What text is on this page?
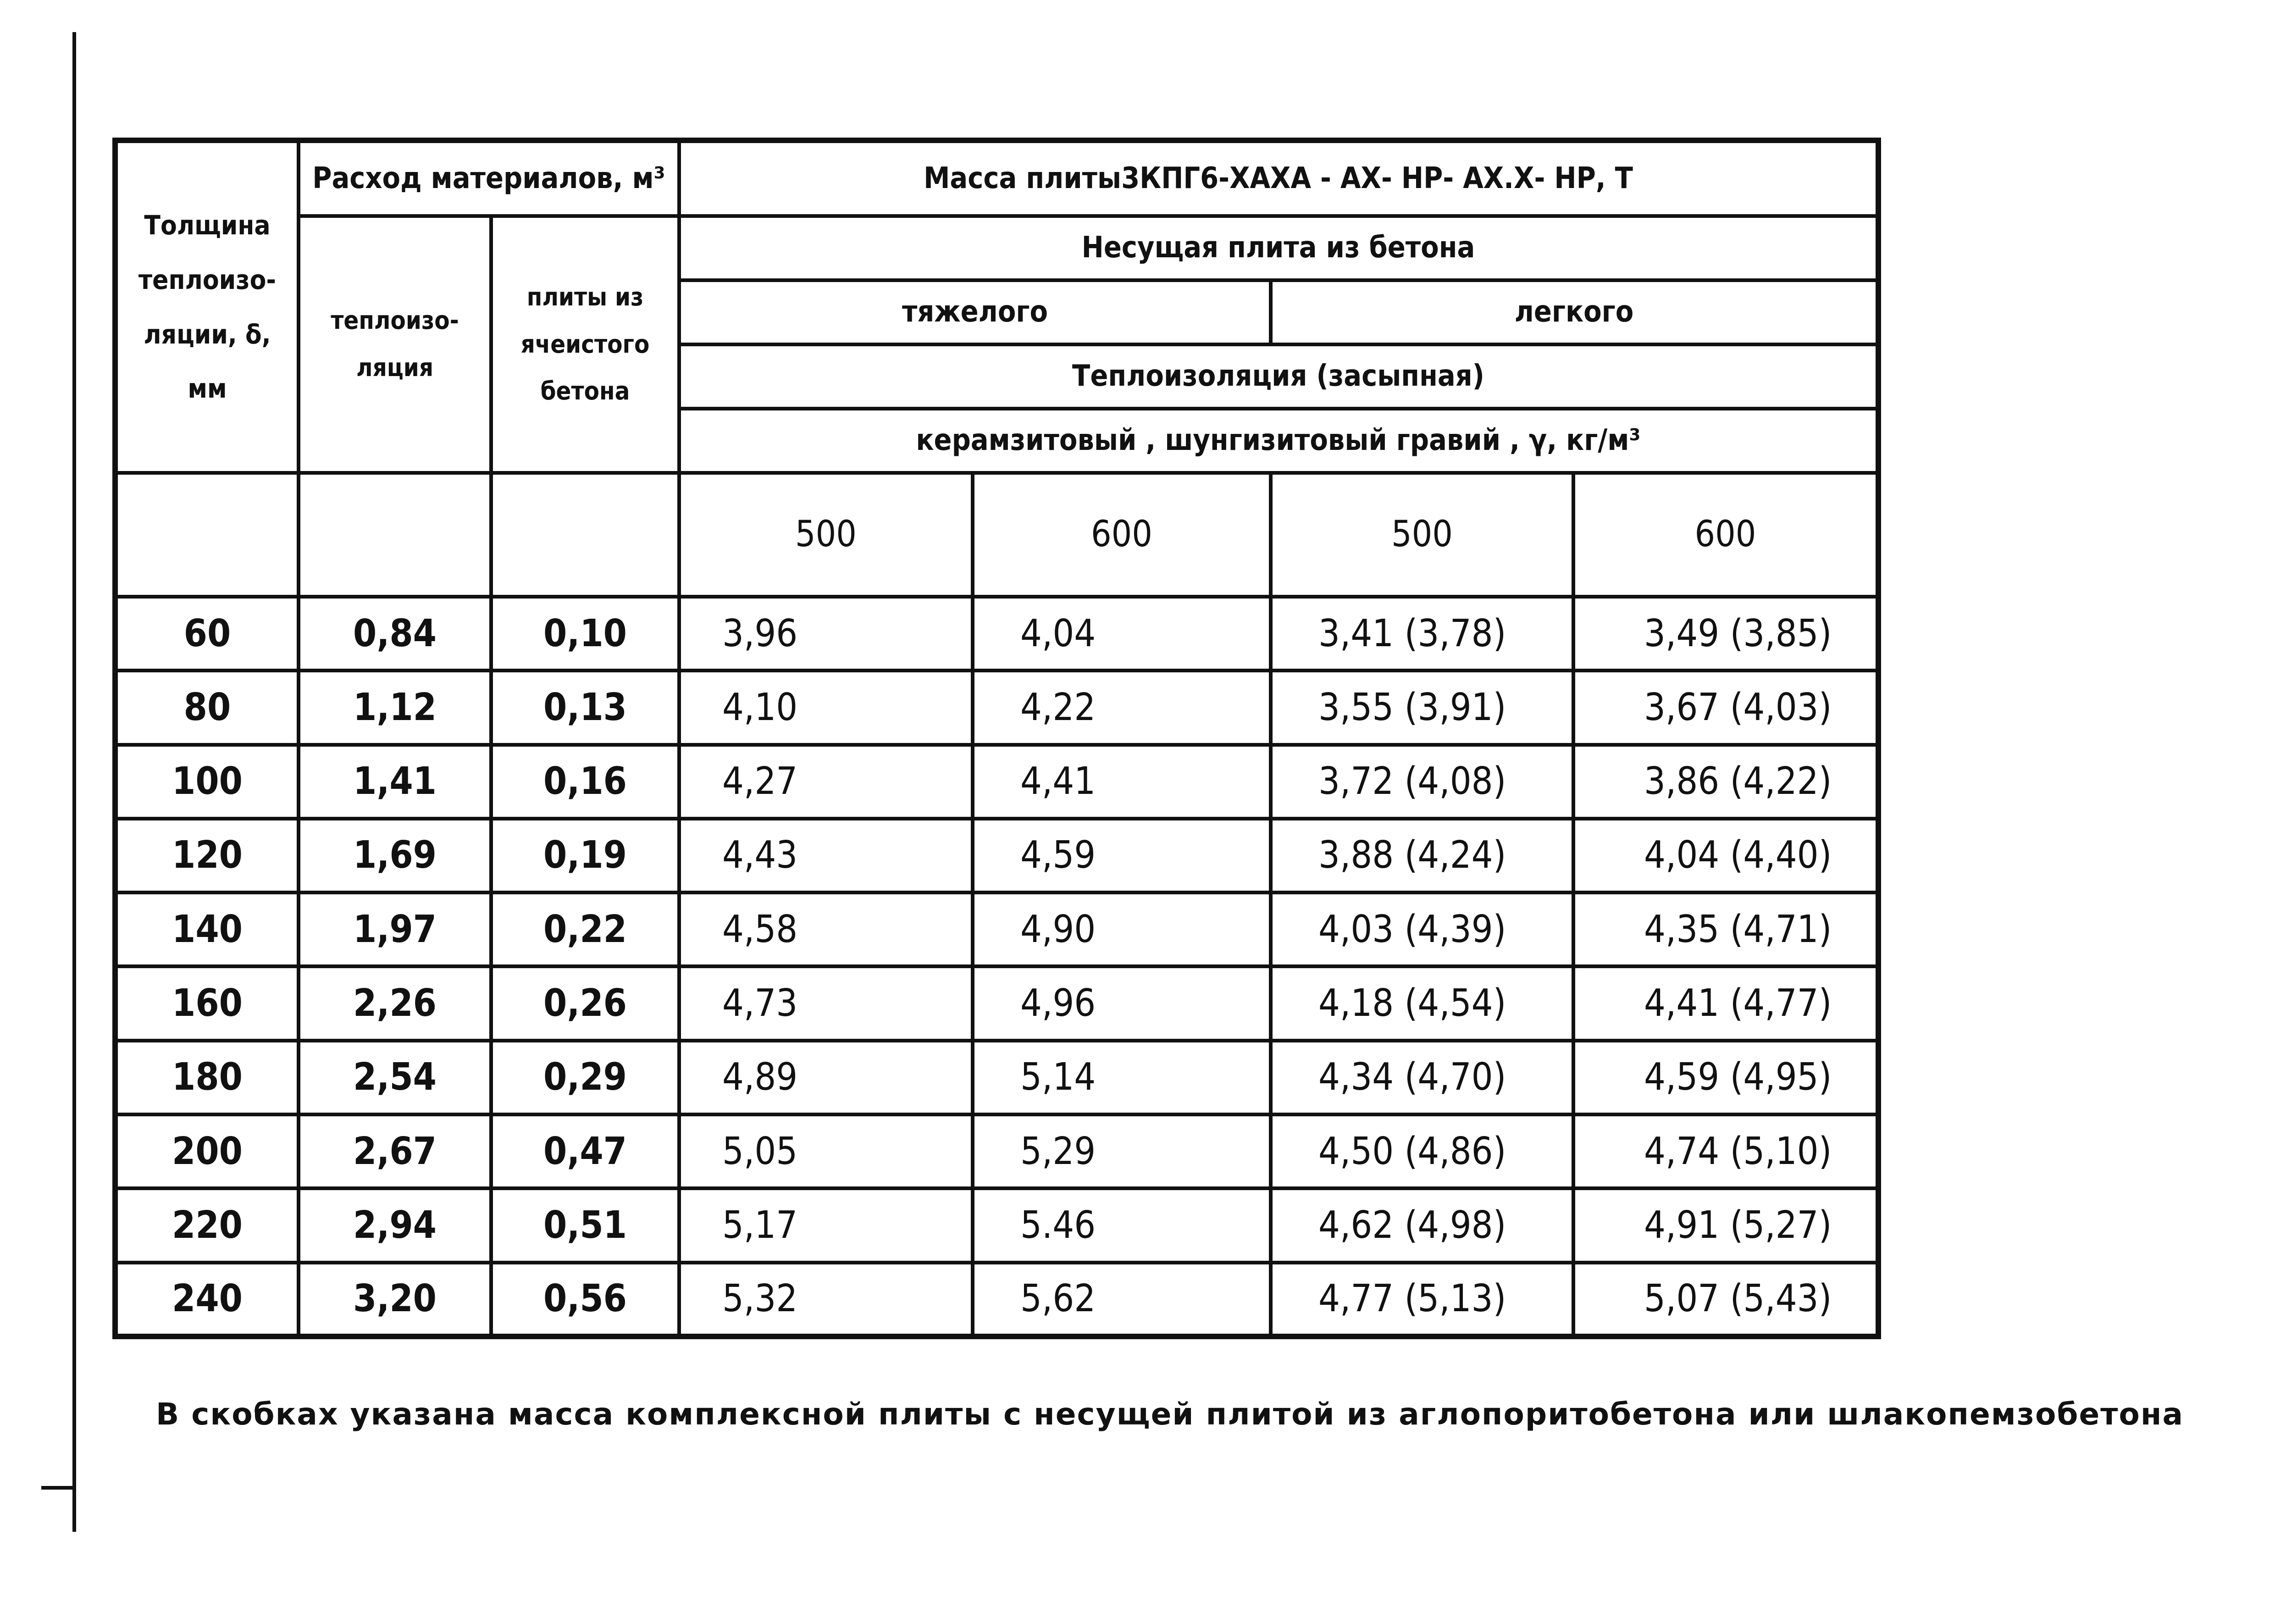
Толщина теплоизо- ляции, δ, мм	Расход материалов, м³		Масса плиты3КПГ6-ХАХА - АХ- НР- АХ.Х- НР, Т			
	теплоизо- ляция	плиты из ячеистого бетона	Несущая плита из бетона			
			тяжелого		легкого	
			Теплоизоляция (засыпная)			
			керамзитовый , шунгизитовый гравий , γ, кг/м³			
			500	600	500	600
60	0,84	0,10	3,96	4,04	3,41 (3,78)	3,49 (3,85)
80	1,12	0,13	4,10	4,22	3,55 (3,91)	3,67 (4,03)
100	1,41	0,16	4,27	4,41	3,72 (4,08)	3,86 (4,22)
120	1,69	0,19	4,43	4,59	3,88 (4,24)	4,04 (4,40)
140	1,97	0,22	4,58	4,90	4,03 (4,39)	4,35 (4,71)
160	2,26	0,26	4,73	4,96	4,18 (4,54)	4,41 (4,77)
180	2,54	0,29	4,89	5,14	4,34 (4,70)	4,59 (4,95)
200	2,67	0,47	5,05	5,29	4,50 (4,86)	4,74 (5,10)
220	2,94	0,51	5,17	5.46	4,62 (4,98)	4,91 (5,27)
240	3,20	0,56	5,32	5,62	4,77 (5,13)	5,07 (5,43)
В скобках указана масса комплексной плиты с несущей плитой из аглопоритобетона или шлакопемзобетона
